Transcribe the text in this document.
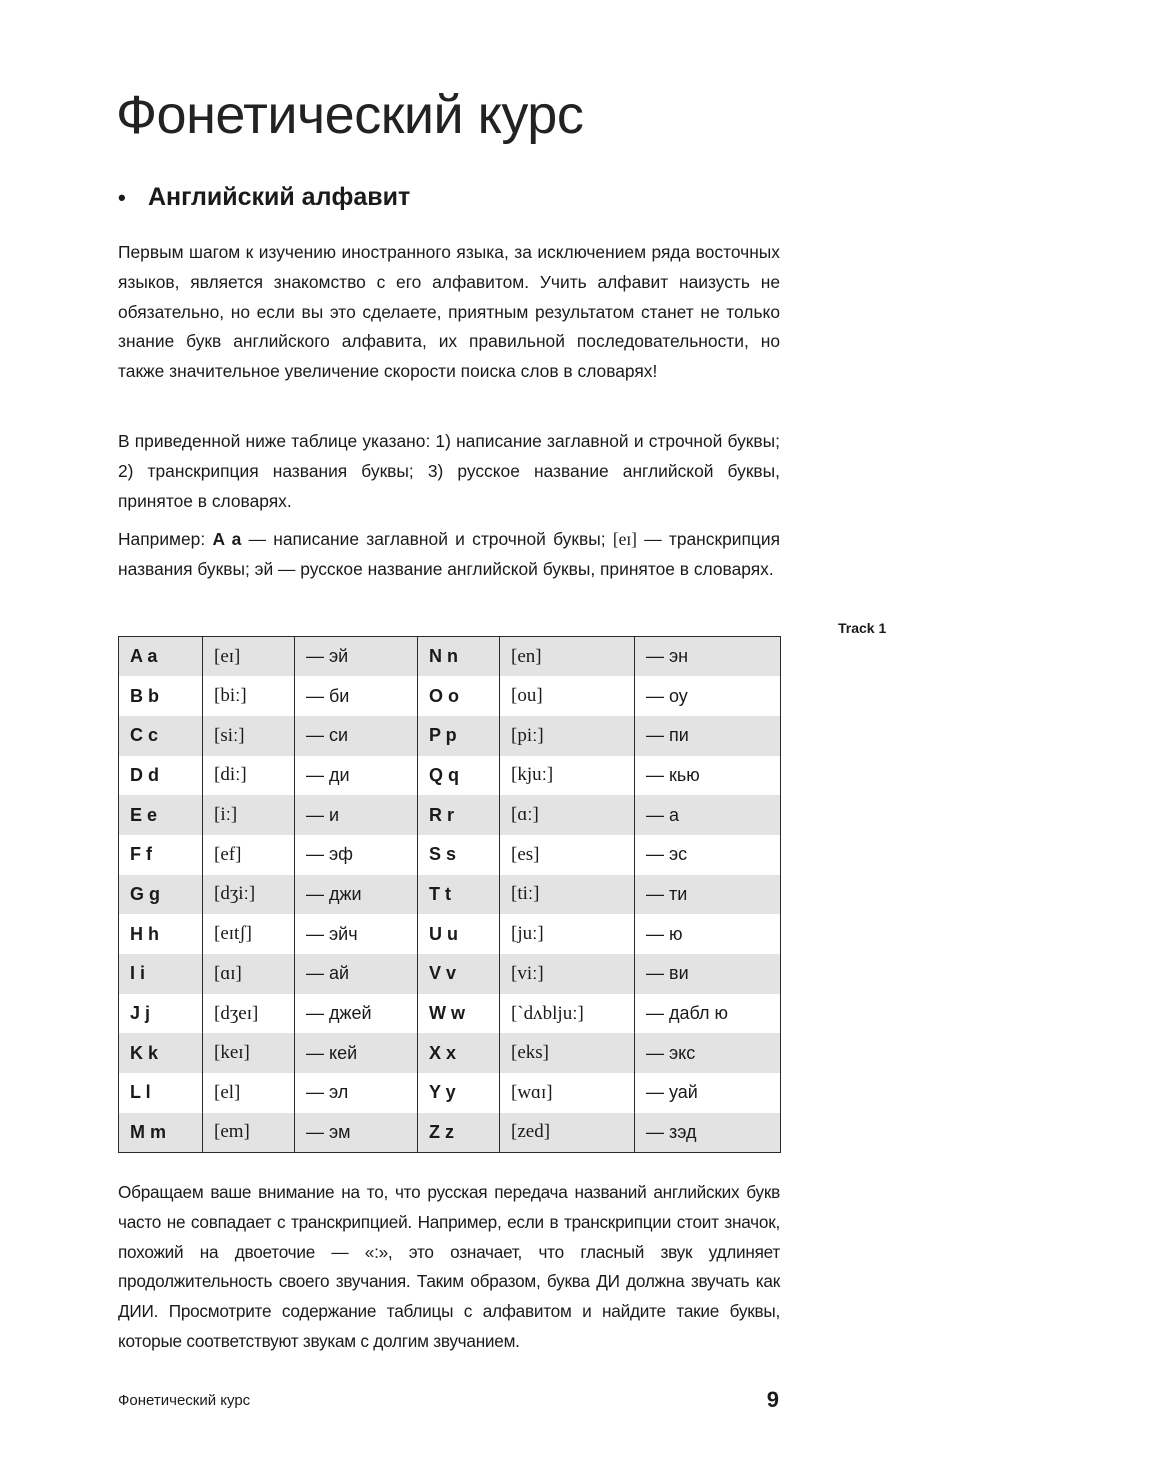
Фонетический курс
• Английский алфавит

Первым шагом к изучению иностранного языка, за исключением ряда восточных языков, является знакомство с его алфавитом. Учить алфавит наизусть не обязательно, но если вы это сделаете, приятным результатом станет не только знание букв английского алфавита, их правильной последовательности, но также значительное увеличение скорости поиска слов в словарях!

В приведенной ниже таблице указано: 1) написание заглавной и строчной буквы; 2) транскрипция названия буквы; 3) русское название английской буквы, принятое в словарях.

Например: A a — написание заглавной и строчной буквы; [eɪ] — транскрипция названия буквы; эй — русское название английской буквы, принятое в словарях.

Track 1
A a	[eɪ]	— эй	N n	[en]	— эн
B b	[biː]	— би	O o	[ou]	— оу
C c	[siː]	— си	P p	[piː]	— пи
D d	[diː]	— ди	Q q	[kjuː]	— кью
E e	[iː]	— и	R r	[ɑː]	— а
F f	[ef]	— эф	S s	[es]	— эс
G g	[dʒiː]	— джи	T t	[tiː]	— ти
H h	[eɪtʃ]	— эйч	U u	[juː]	— ю
I i	[ɑɪ]	— ай	V v	[viː]	— ви
J j	[dʒeɪ]	— джей	W w	[`dʌbljuː]	— дабл ю
K k	[keɪ]	— кей	X x	[eks]	— экс
L l	[el]	— эл	Y y	[wɑɪ]	— уай
M m	[em]	— эм	Z z	[zed]	— зэд

Обращаем ваше внимание на то, что русская передача названий английских букв часто не совпадает с транскрипцией. Например, если в транскрипции стоит значок, похожий на двоеточие — «:», это означает, что гласный звук удлиняет продолжительность своего звучания. Таким образом, буква ДИ должна звучать как ДИИ. Просмотрите содержание таблицы с алфавитом и найдите такие буквы, которые соответствуют звукам с долгим звучанием.

Фонетический курс	9
